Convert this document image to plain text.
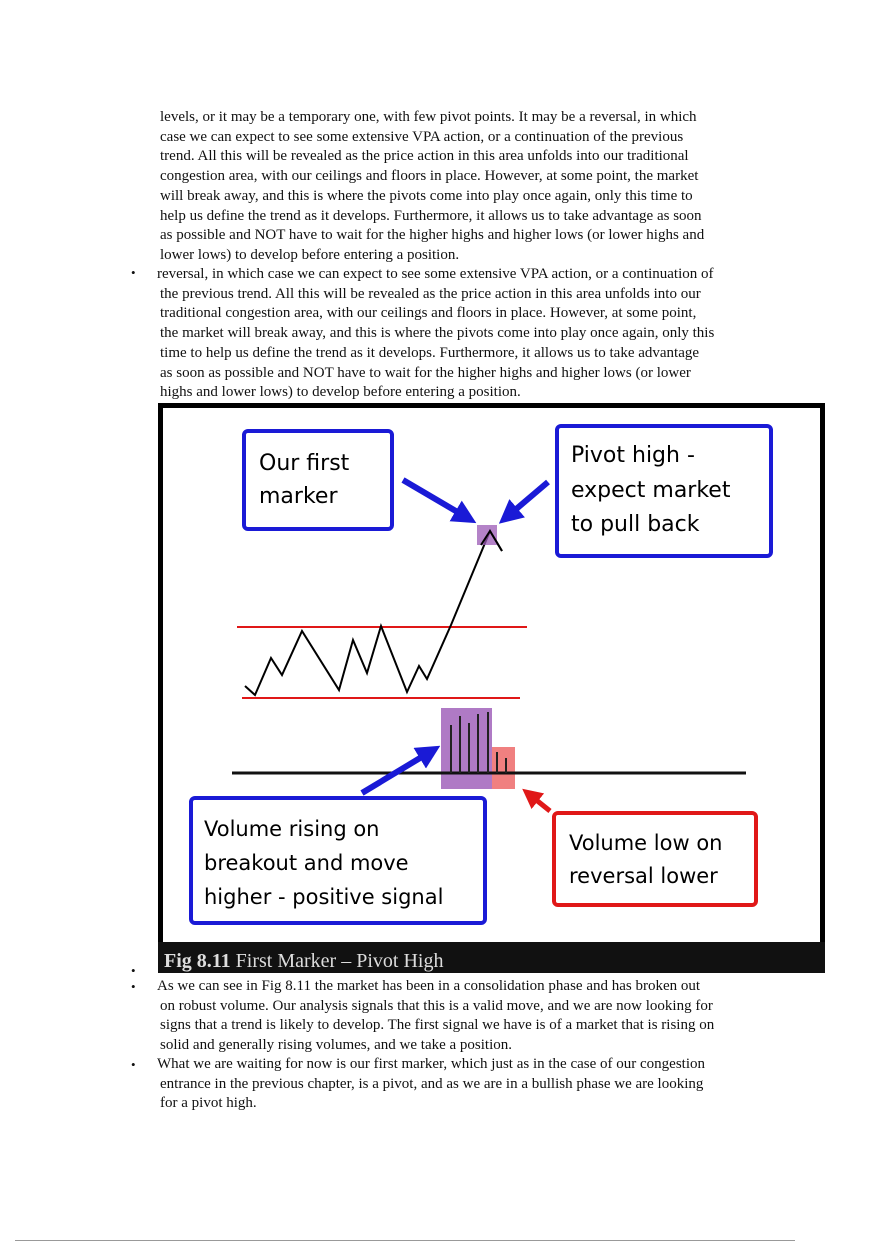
levels, or it may be a temporary one, with few pivot points. It may be a reversal, in which
case we can expect to see some extensive VPA action, or a continuation of the previous
trend. All this will be revealed as the price action in this area unfolds into our traditional
congestion area, with our ceilings and floors in place. However, at some point, the market
will break away, and this is where the pivots come into play once again, only this time to
help us define the trend as it develops. Furthermore, it allows us to take advantage as soon
as possible and NOT have to wait for the higher highs and higher lows (or lower highs and
lower lows) to develop before entering a position.
• reversal, in which case we can expect to see some extensive VPA action, or a continuation of
the previous trend. All this will be revealed as the price action in this area unfolds into our
traditional congestion area, with our ceilings and floors in place. However, at some point,
the market will break away, and this is where the pivots come into play once again, only this
time to help us define the trend as it develops. Furthermore, it allows us to take advantage
as soon as possible and NOT have to wait for the higher highs and higher lows (or lower
highs and lower lows) to develop before entering a position.
Our first
marker
Pivot high -
expect market
to pull back
Volume rising on
breakout and move
higher - positive signal
Volume low on
reversal lower
Fig 8.11 First Marker – Pivot High
•
• As we can see in Fig 8.11 the market has been in a consolidation phase and has broken out
on robust volume. Our analysis signals that this is a valid move, and we are now looking for
signs that a trend is likely to develop. The first signal we have is of a market that is rising on
solid and generally rising volumes, and we take a position.
• What we are waiting for now is our first marker, which just as in the case of our congestion
entrance in the previous chapter, is a pivot, and as we are in a bullish phase we are looking
for a pivot high.
